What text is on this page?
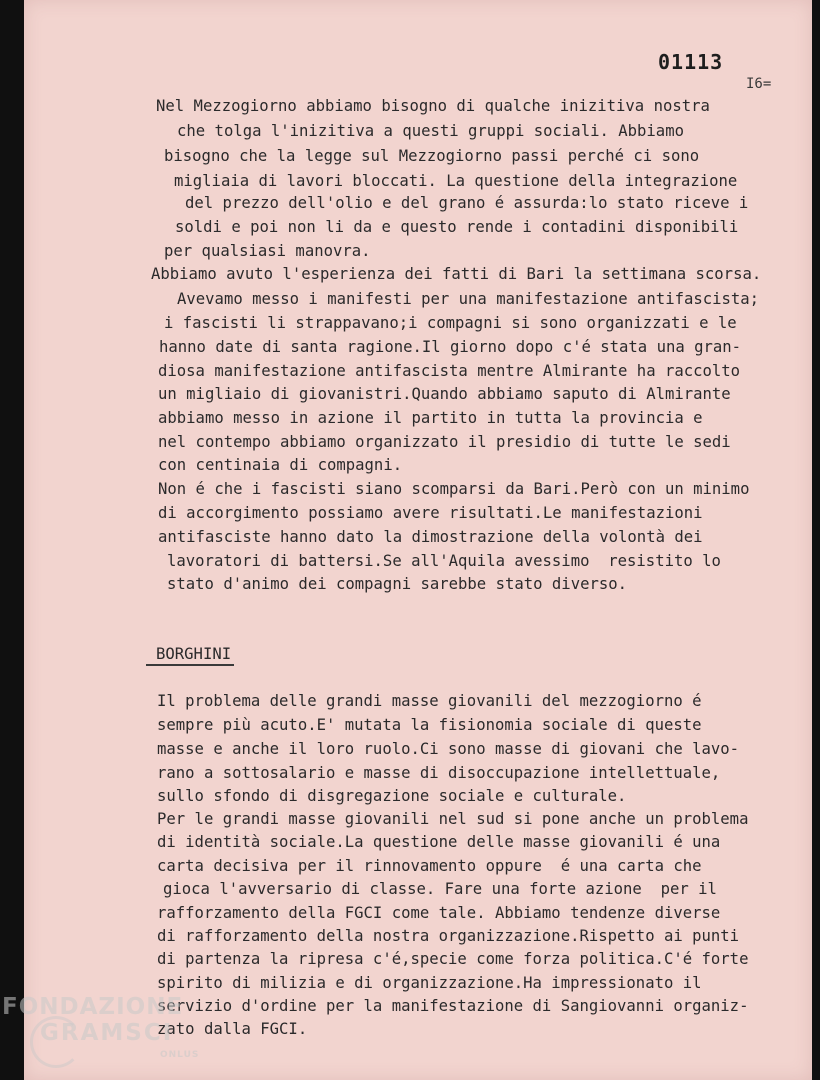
01113
I6=
Nel Mezzogiorno abbiamo bisogno di qualche inizitiva nostra
che tolga l'inizitiva a questi gruppi sociali. Abbiamo
bisogno che la legge sul Mezzogiorno passi perché ci sono
migliaia di lavori bloccati. La questione della integrazione
del prezzo dell'olio e del grano é assurda:lo stato riceve i
soldi e poi non li da e questo rende i contadini disponibili
per qualsiasi manovra.
Abbiamo avuto l'esperienza dei fatti di Bari la settimana scorsa.
Avevamo messo i manifesti per una manifestazione antifascista;
i fascisti li strappavano;i compagni si sono organizzati e le
hanno date di santa ragione.Il giorno dopo c'é stata una gran-
diosa manifestazione antifascista mentre Almirante ha raccolto
un migliaio di giovanistri.Quando abbiamo saputo di Almirante
abbiamo messo in azione il partito in tutta la provincia e
nel contempo abbiamo organizzato il presidio di tutte le sedi
con centinaia di compagni.
Non é che i fascisti siano scomparsi da Bari.Però con un minimo
di accorgimento possiamo avere risultati.Le manifestazioni
antifasciste hanno dato la dimostrazione della volontà dei
lavoratori di battersi.Se all'Aquila avessimo  resistito lo
stato d'animo dei compagni sarebbe stato diverso.
BORGHINI
Il problema delle grandi masse giovanili del mezzogiorno é
sempre più acuto.E' mutata la fisionomia sociale di queste
masse e anche il loro ruolo.Ci sono masse di giovani che lavo-
rano a sottosalario e masse di disoccupazione intellettuale,
sullo sfondo di disgregazione sociale e culturale.
Per le grandi masse giovanili nel sud si pone anche un problema
di identità sociale.La questione delle masse giovanili é una
carta decisiva per il rinnovamento oppure  é una carta che
gioca l'avversario di classe. Fare una forte azione  per il
rafforzamento della FGCI come tale. Abbiamo tendenze diverse
di rafforzamento della nostra organizzazione.Rispetto ai punti
di partenza la ripresa c'é,specie come forza politica.C'é forte
spirito di milizia e di organizzazione.Ha impressionato il
servizio d'ordine per la manifestazione di Sangiovanni organiz-
zato dalla FGCI.
FONDAZIONE
GRAMSCI
ONLUS
